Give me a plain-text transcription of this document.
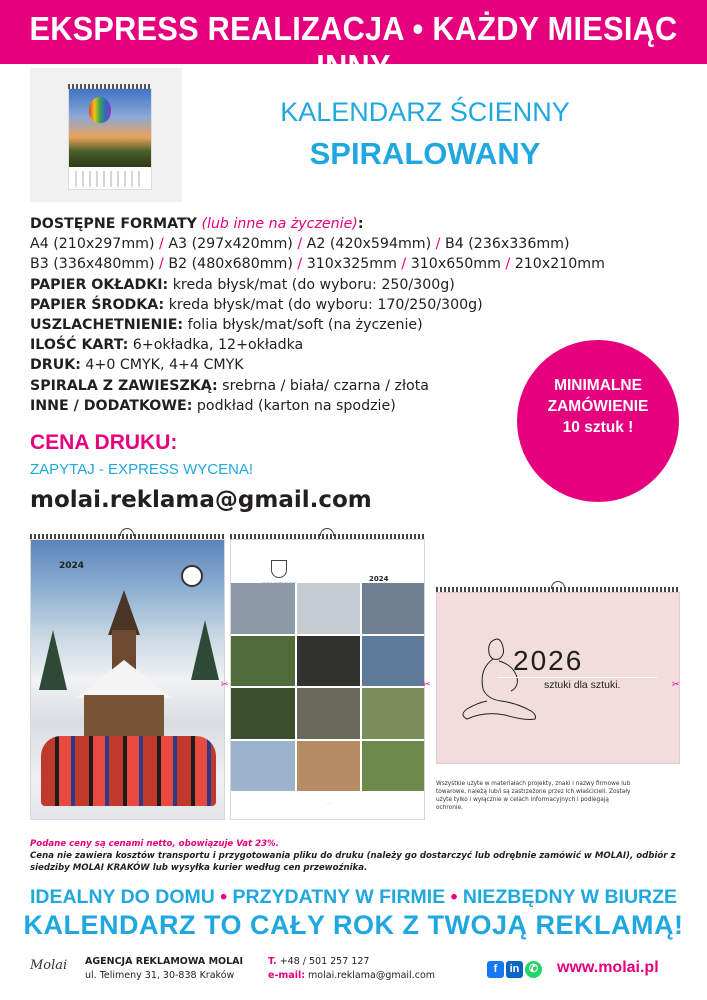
EKSPRESS REALIZACJA • KAŻDY MIESIĄC INNY
KALENDARZ ŚCIENNY
SPIRALOWANY
DOSTĘPNE FORMATY (lub inne na życzenie):
A4 (210x297mm) / A3 (297x420mm) / A2 (420x594mm) / B4 (236x336mm)
B3 (336x480mm) / B2 (480x680mm) / 310x325mm / 310x650mm / 210x210mm
PAPIER OKŁADKI: kreda błysk/mat (do wyboru: 250/300g)
PAPIER ŚRODKA: kreda błysk/mat (do wyboru: 170/250/300g)
USZLACHETNIENIE: folia błysk/mat/soft (na życzenie)
ILOŚĆ KART: 6+okładka, 12+okładka
DRUK: 4+0 CMYK, 4+4 CMYK
SPIRALA Z ZAWIESZKĄ: srebrna / biała/ czarna / złota
INNE / DODATKOWE: podkład (karton na spodzie)
MINIMALNE
ZAMÓWIENIE
10 sztuk !
CENA DRUKU:
ZAPYTAJ - EXPRESS WYCENA!
molai.reklama@gmail.com
2024
2024
· · ·
2026
sztuki dla sztuki.
✂	✂	✂
Wszystkie użyte w materiałach projekty, znaki i nazwy firmowe lub towarowe, należą lub/i są zastrzeżone przez ich właścicieli. Zostały użyte tylko i wyłącznie w celach informacyjnych i podlegają ochronie.
Podane ceny są cenami netto, obowiązuje Vat 23%.
Cena nie zawiera kosztów transportu i przygotowania pliku do druku (należy go dostarczyć lub odrębnie zamówić w MOLAI), odbiór z siedziby MOLAI KRAKÓW lub wysyłka kurier według cen przewoźnika.
IDEALNY DO DOMU • PRZYDATNY W FIRMIE • NIEZBĘDNY W BIURZE
KALENDARZ TO CAŁY ROK Z TWOJĄ REKLAMĄ!
Molai AGENCJA REKLAMOWA MOLAI
ul. Telimeny 31, 30-838 Kraków
T. +48 / 501 257 127
e-mail: molai.reklama@gmail.com
f	in ✆ www.molai.pl
